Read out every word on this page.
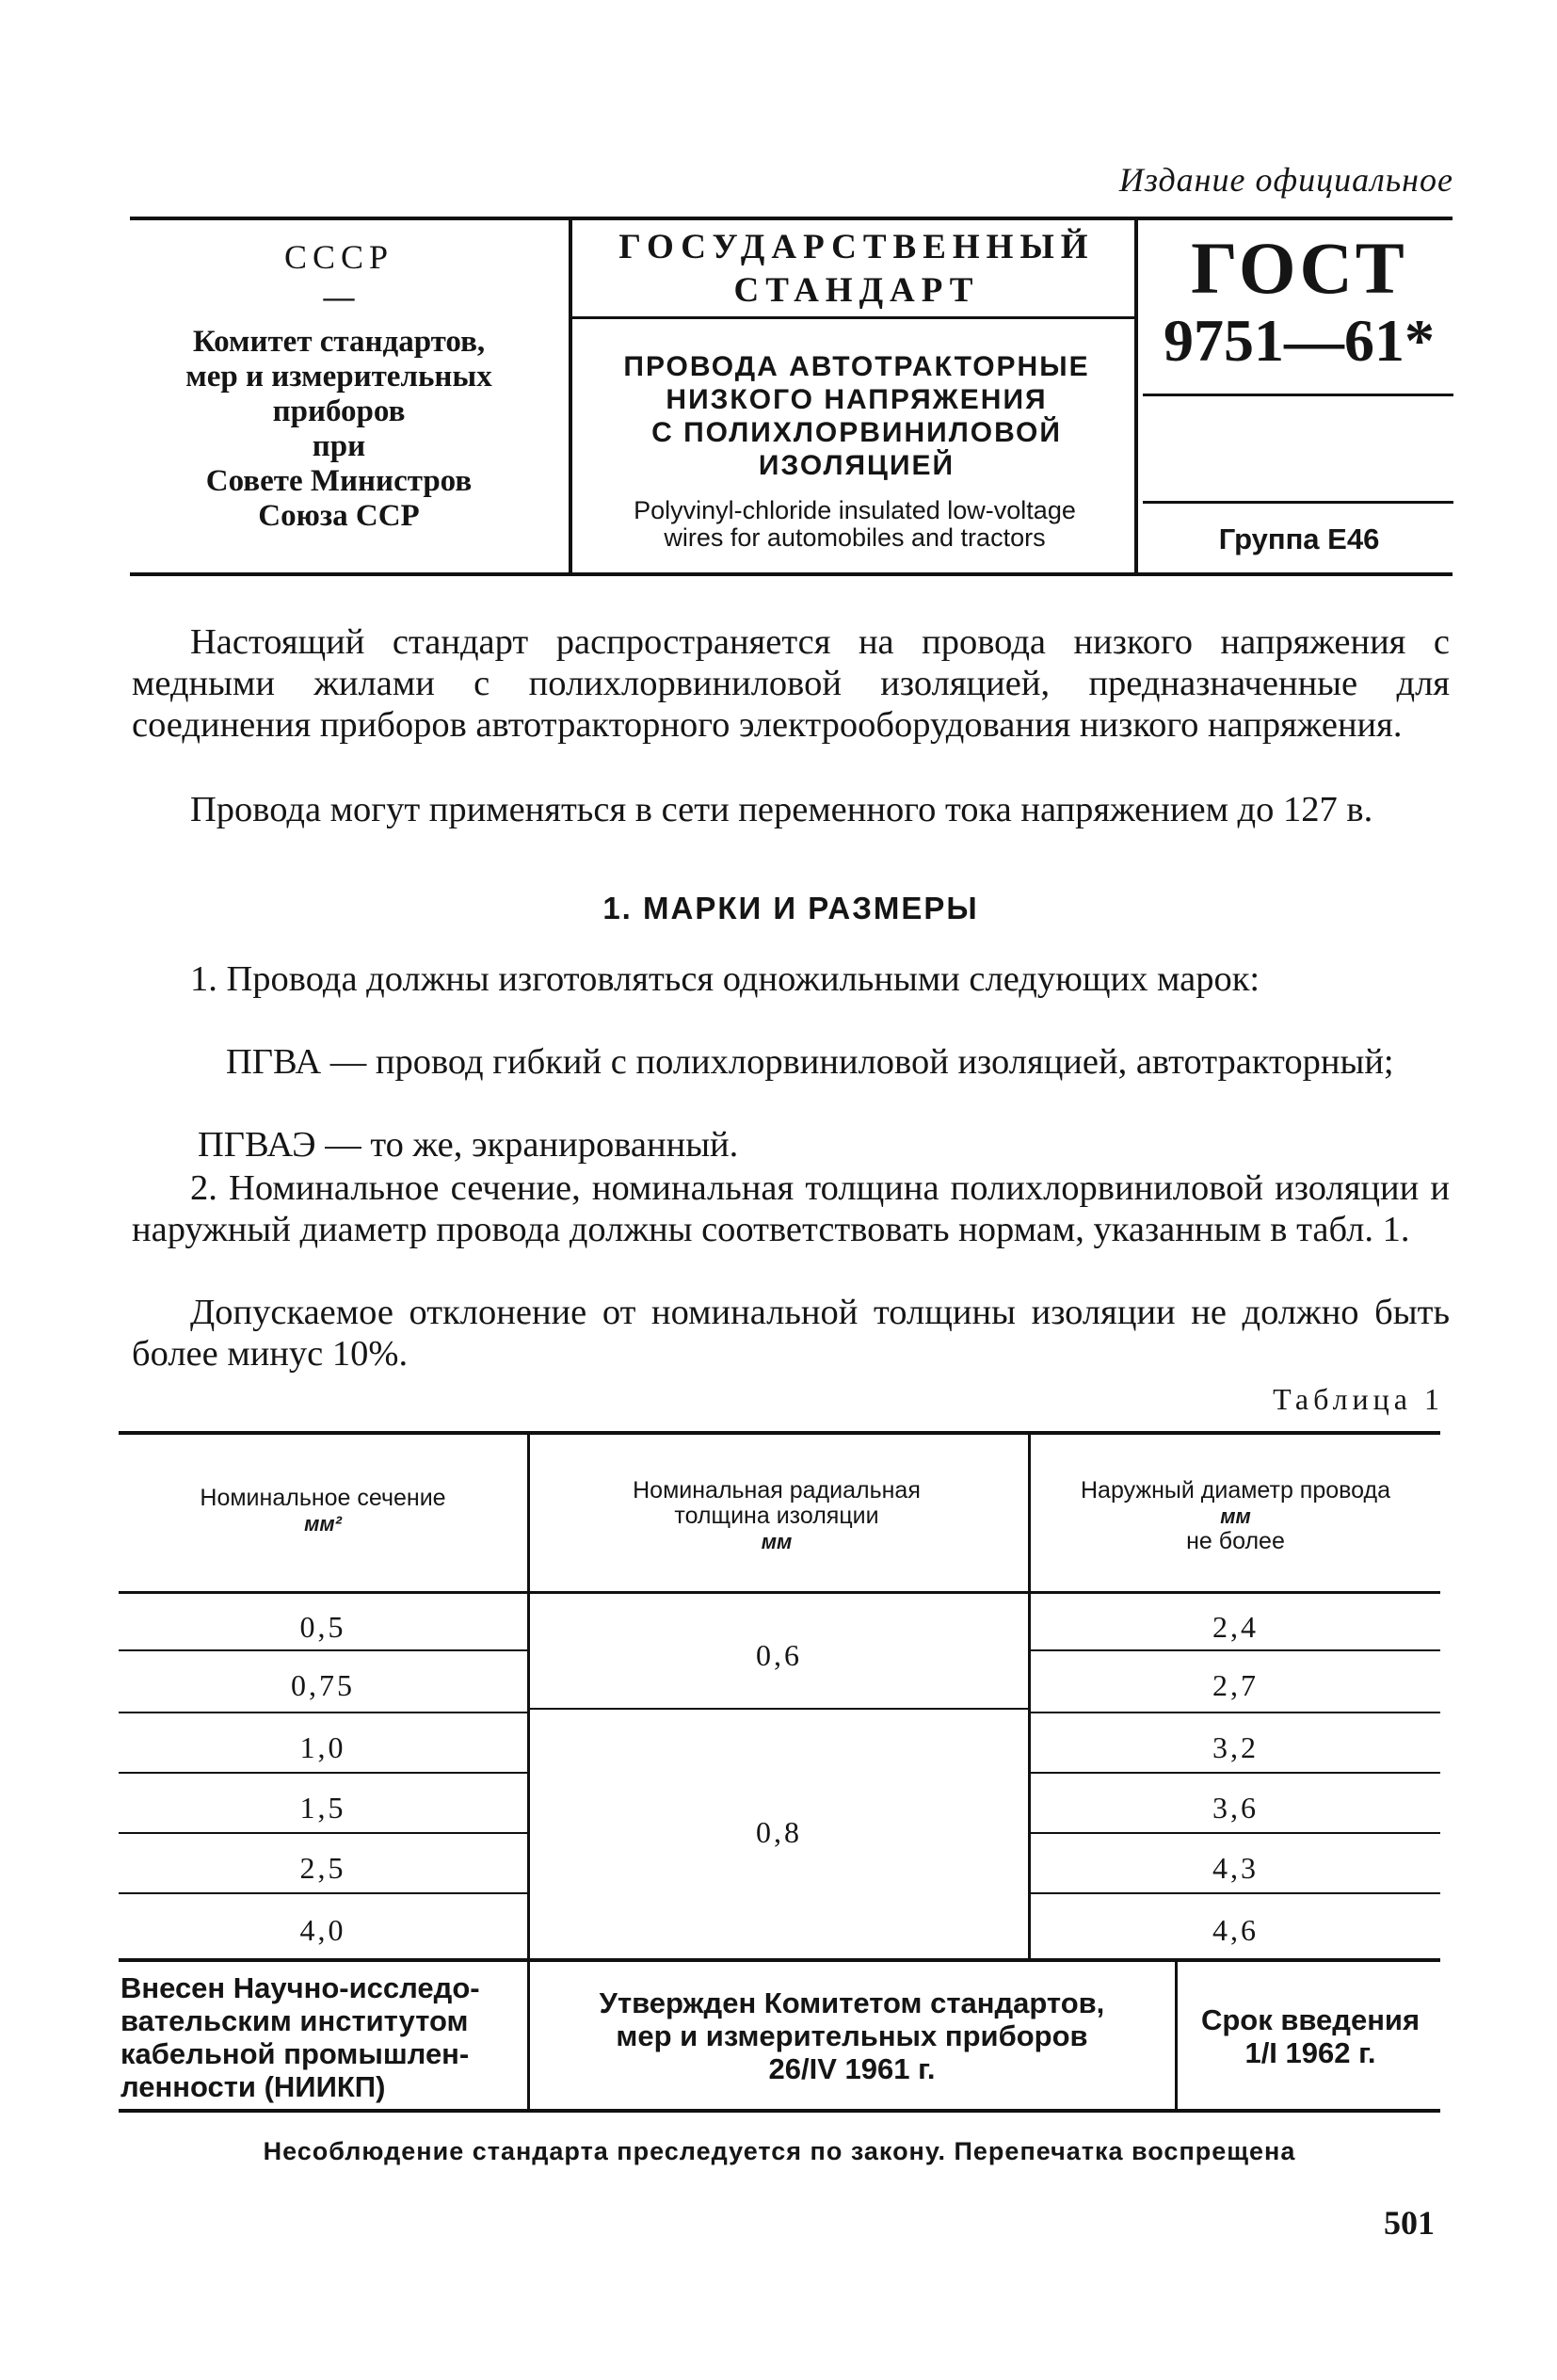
Издание официальное
СССР
—
Комитет стандартов,
мер и измерительных
приборов
при
Совете Министров
Союза ССР
ГОСУДАРСТВЕННЫЙ
СТАНДАРТ
ПРОВОДА АВТОТРАКТОРНЫЕ
НИЗКОГО НАПРЯЖЕНИЯ
С ПОЛИХЛОРВИНИЛОВОЙ
ИЗОЛЯЦИЕЙ
Polyvinyl-chloride insulated low-voltage
wires for automobiles and tractors
ГОСТ
9751—61*
Группа Е46
Настоящий стандарт распространяется на провода низкого напряжения с медными жилами с полихлорвиниловой изоляцией, предназначенные для соединения приборов автотракторного электрооборудования низкого напряжения.
Провода могут применяться в сети переменного тока напряжением до 127 в.
1. МАРКИ И РАЗМЕРЫ
1. Провода должны изготовляться одножильными следующих марок:
ПГВА — провод гибкий с полихлорвиниловой изоляцией, автотракторный;
ПГВАЭ — то же, экранированный.
2. Номинальное сечение, номинальная толщина полихлорвиниловой изоляции и наружный диаметр провода должны соответствовать нормам, указанным в табл. 1.
Допускаемое отклонение от номинальной толщины изоляции не должно быть более минус 10%.
Таблица 1
Номинальное сечение
мм²
Номинальная радиальная толщина изоляции
мм
Наружный диаметр провода
мм
не более
0,5
0,75
1,0
1,5
2,5
4,0
0,6
0,8
2,4
2,7
3,2
3,6
4,3
4,6
Внесен Научно-исследо-
вательским институтом
кабельной промышлен-
ленности (НИИКП)
Утвержден Комитетом стандартов,
мер и измерительных приборов
26/IV 1961 г.
Срок введения
1/I 1962 г.
Несоблюдение стандарта преследуется по закону. Перепечатка воспрещена
501
